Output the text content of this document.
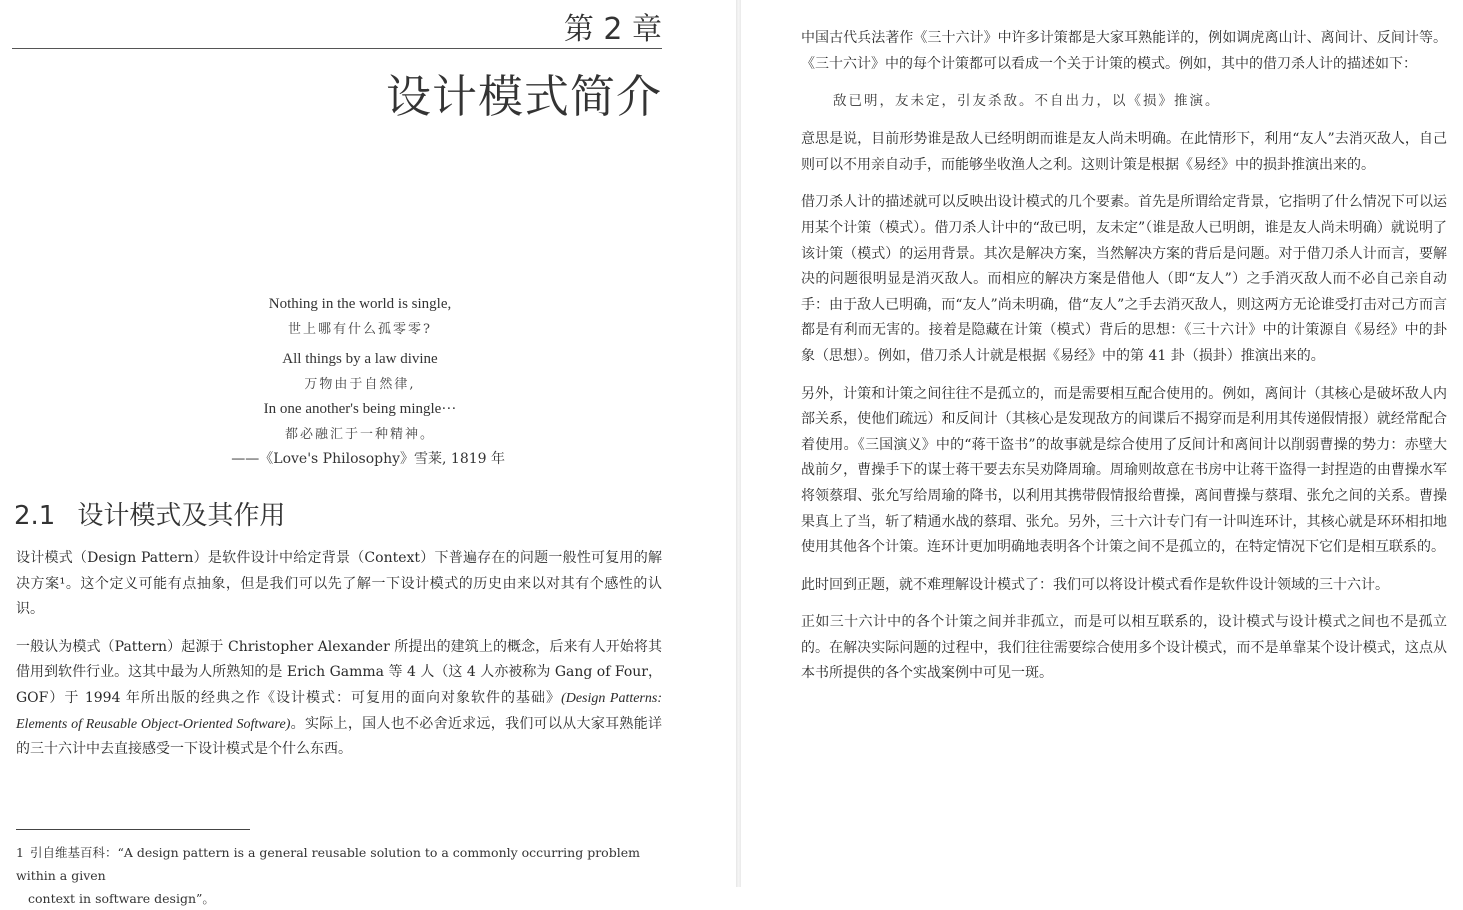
第 2 章
设计模式简介
Nothing in the world is single,
世上哪有什么孤零零?
All things by a law divine
万物由于自然律,
In one another's being mingle···
都必融汇于一种精神。
——《Love's Philosophy》雪莱, 1819 年
2.1 设计模式及其作用

设计模式（Design Pattern）是软件设计中给定背景（Context）下普遍存在的问题一般性可复用的解决方案¹。这个定义可能有点抽象，但是我们可以先了解一下设计模式的历史由来以对其有个感性的认识。

一般认为模式（Pattern）起源于 Christopher Alexander 所提出的建筑上的概念，后来有人开始将其借用到软件行业。这其中最为人所熟知的是 Erich Gamma 等 4 人（这 4 人亦被称为 Gang of Four，GOF）于 1994 年所出版的经典之作《设计模式：可复用的面向对象软件的基础》(Design Patterns: Elements of Reusable Object-Oriented Software)。实际上，国人也不必舍近求远，我们可以从大家耳熟能详的三十六计中去直接感受一下设计模式是个什么东西。

1 引自维基百科：“A design pattern is a general reusable solution to a commonly occurring problem within a given
context in software design”。

中国古代兵法著作《三十六计》中许多计策都是大家耳熟能详的，例如调虎离山计、离间计、反间计等。《三十六计》中的每个计策都可以看成一个关于计策的模式。例如，其中的借刀杀人计的描述如下：

敌已明，友未定，引友杀敌。不自出力，以《损》推演。

意思是说，目前形势谁是敌人已经明朗而谁是友人尚未明确。在此情形下，利用“友人”去消灭敌人，自己则可以不用亲自动手，而能够坐收渔人之利。这则计策是根据《易经》中的损卦推演出来的。

借刀杀人计的描述就可以反映出设计模式的几个要素。首先是所谓给定背景，它指明了什么情况下可以运用某个计策（模式）。借刀杀人计中的“敌已明，友未定”（谁是敌人已明朗，谁是友人尚未明确）就说明了该计策（模式）的运用背景。其次是解决方案，当然解决方案的背后是问题。对于借刀杀人计而言，要解决的问题很明显是消灭敌人。而相应的解决方案是借他人（即“友人”）之手消灭敌人而不必自己亲自动手：由于敌人已明确，而“友人”尚未明确，借“友人”之手去消灭敌人，则这两方无论谁受打击对己方而言都是有利而无害的。接着是隐藏在计策（模式）背后的思想：《三十六计》中的计策源自《易经》中的卦象（思想）。例如，借刀杀人计就是根据《易经》中的第 41 卦（损卦）推演出来的。

另外，计策和计策之间往往不是孤立的，而是需要相互配合使用的。例如，离间计（其核心是破坏敌人内部关系，使他们疏远）和反间计（其核心是发现敌方的间谍后不揭穿而是利用其传递假情报）就经常配合着使用。《三国演义》中的“蒋干盗书”的故事就是综合使用了反间计和离间计以削弱曹操的势力：赤壁大战前夕，曹操手下的谋士蒋干要去东吴劝降周瑜。周瑜则故意在书房中让蒋干盗得一封捏造的由曹操水军将领蔡瑁、张允写给周瑜的降书，以利用其携带假情报给曹操，离间曹操与蔡瑁、张允之间的关系。曹操果真上了当，斩了精通水战的蔡瑁、张允。另外，三十六计专门有一计叫连环计，其核心就是环环相扣地使用其他各个计策。连环计更加明确地表明各个计策之间不是孤立的，在特定情况下它们是相互联系的。

此时回到正题，就不难理解设计模式了：我们可以将设计模式看作是软件设计领域的三十六计。

正如三十六计中的各个计策之间并非孤立，而是可以相互联系的，设计模式与设计模式之间也不是孤立的。在解决实际问题的过程中，我们往往需要综合使用多个设计模式，而不是单靠某个设计模式，这点从本书所提供的各个实战案例中可见一斑。
